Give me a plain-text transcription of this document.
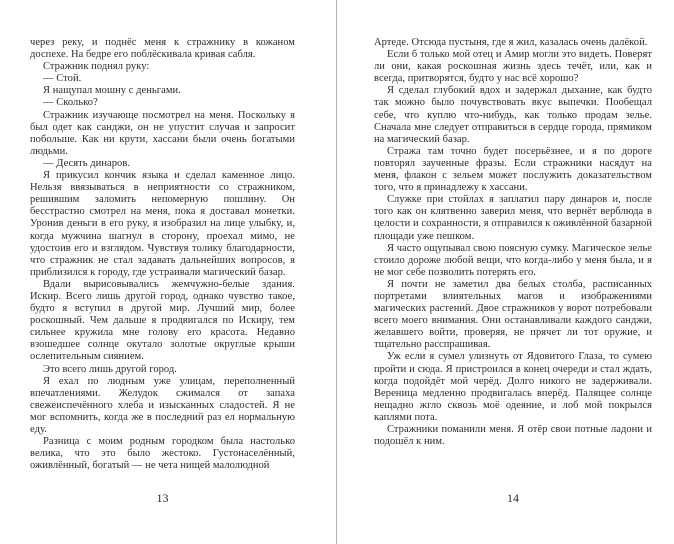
через реку, и поднёс меня к стражнику в кожаном доспехе. На бедре его поблёскивала кривая сабля.

Стражник поднял руку:

— Стой.

Я нащупал мошну с деньгами.

— Сколько?

Стражник изучающе посмотрел на меня. Поскольку я был одет как санджи, он не упустит случая и запросит побольше. Как ни крути, хассани были очень богатыми людьми.

— Десять динаров.

Я прикусил кончик языка и сделал каменное лицо. Нельзя ввязываться в неприятности со стражником, решившим заломить непомерную пошлину. Он бесстрастно смотрел на меня, пока я доставал монетки. Уронив деньги в его руку, я изобразил на лице улыбку, и, когда мужчина шагнул в сторону, проехал мимо, не удостоив его и взглядом. Чувствуя толику благодарности, что стражник не стал задавать дальнейших вопросов, я приблизился к городу, где устраивали магический базар.

Вдали вырисовывались жемчужно-белые здания. Искир. Всего лишь другой город, однако чувство такое, будто я вступил в другой мир. Лучший мир, более роскошный. Чем дальше я продвигался по Искиру, тем сильнее кружила мне голову его красота. Недавно взошедшее солнце окутало золотые округлые крыши ослепительным сиянием.

Это всего лишь другой город.

Я ехал по людным уже улицам, переполненный впечатлениями. Желудок сжимался от запаха свежеиспечённого хлеба и изысканных сладостей. Я не мог вспомнить, когда же в последний раз ел нормальную еду.

Разница с моим родным городком была настолько велика, что это было жестоко. Густонаселённый, оживлённый, богатый — не чета нищей малолюдной

13

Артеде. Отсюда пустыня, где я жил, казалась очень далёкой.

Если б только мой отец и Амир могли это видеть. Поверят ли они, какая роскошная жизнь здесь течёт, или, как и всегда, притворятся, будто у нас всё хорошо?

Я сделал глубокий вдох и задержал дыхание, как будто так можно было почувствовать вкус выпечки. Пообещал себе, что куплю что-нибудь, как только продам зелье. Сначала мне следует отправиться в сердце города, прямиком на магический базар.

Стража там точно будет посерьёзнее, и я по дороге повторял заученные фразы. Если стражники насядут на меня, флакон с зельем может послужить доказательством того, что я принадлежу к хассани.

Служке при стойлах я заплатил пару динаров и, после того как он клятвенно заверил меня, что вернёт верблюда в целости и сохранности, я отправился к оживлённой базарной площади уже пешком.

Я часто ощупывал свою поясную сумку. Магическое зелье стоило дороже любой вещи, что когда-либо у меня была, и я не мог себе позволить потерять его.

Я почти не заметил два белых столба, расписанных портретами влиятельных магов и изображениями магических растений. Двое стражников у ворот потребовали всего моего внимания. Они останавливали каждого санджи, желавшего войти, проверяя, не прячет ли тот оружие, и тщательно расспрашивая.

Уж если я сумел улизнуть от Ядовитого Глаза, то сумею пройти и сюда. Я пристроился в конец очереди и стал ждать, когда подойдёт мой черёд. Долго никого не задерживали. Вереница медленно продвигалась вперёд. Палящее солнце нещадно жгло сквозь моё одеяние, и лоб мой покрылся каплями пота.

Стражники поманили меня. Я отёр свои потные ладони и подошёл к ним.

14
